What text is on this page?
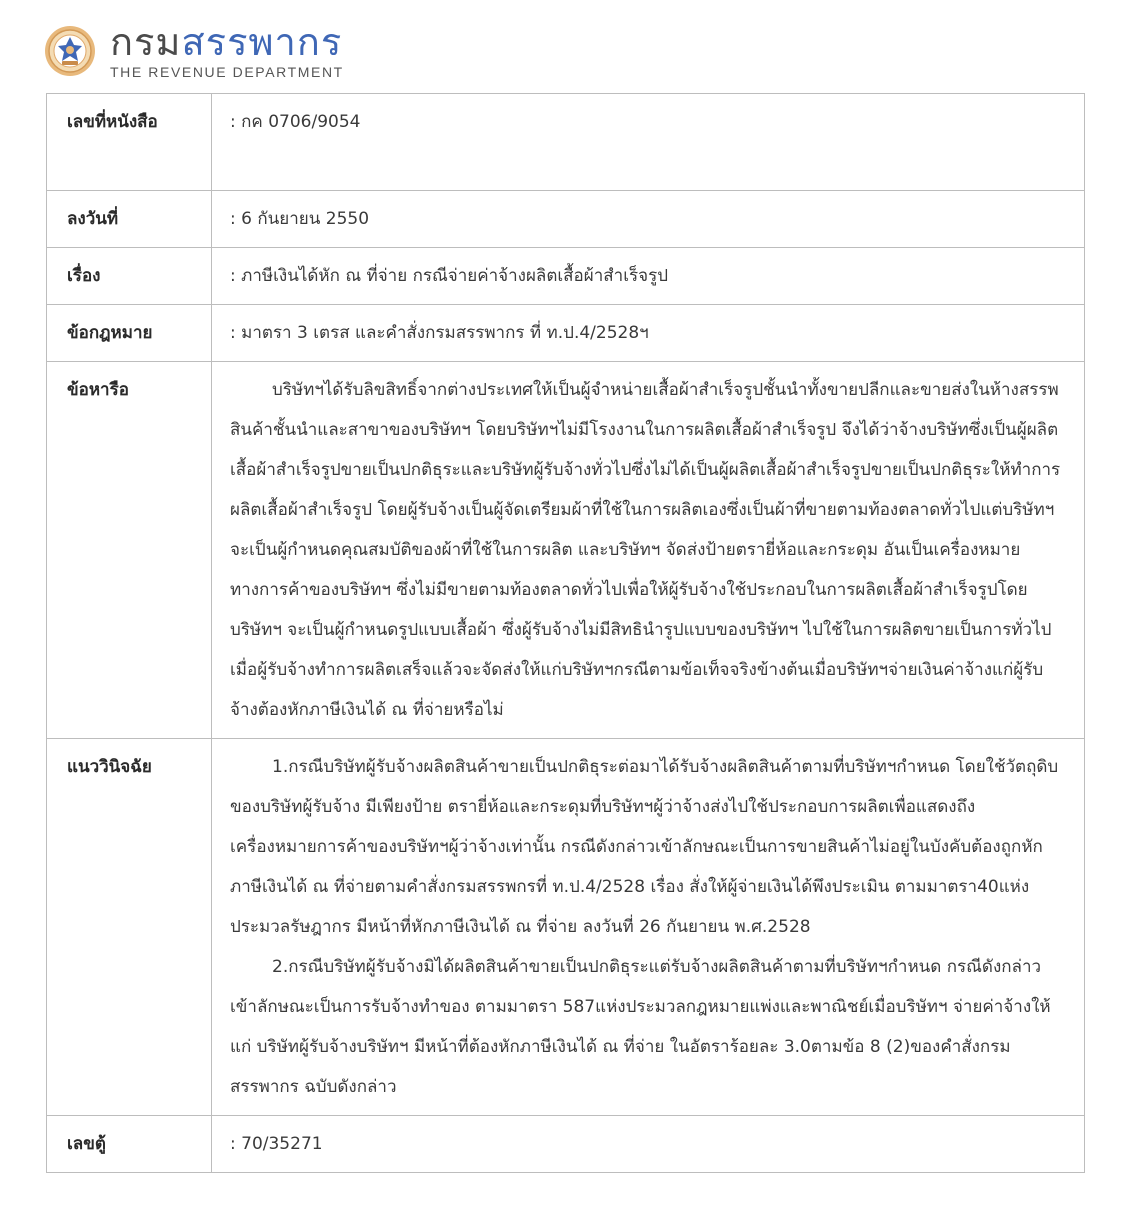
กรมสรรพากร
THE REVENUE DEPARTMENT
เลขที่หนังสือ	: กค 0706/9054
ลงวันที่	: 6 กันยายน 2550
เรื่อง	: ภาษีเงินได้หัก ณ ที่จ่าย กรณีจ่ายค่าจ้างผลิตเสื้อผ้าสำเร็จรูป
ข้อกฎหมาย	: มาตรา 3 เตรส และคำสั่งกรมสรรพากร ที่ ท.ป.4/2528ฯ
ข้อหารือ	บริษัทฯได้รับลิขสิทธิ์จากต่างประเทศให้เป็นผู้จำหน่ายเสื้อผ้าสำเร็จรูปชั้นนำทั้งขายปลีกและขายส่งในห้างสรรพสินค้าชั้นนำและสาขาของบริษัทฯ โดยบริษัทฯไม่มีโรงงานในการผลิตเสื้อผ้าสำเร็จรูป จึงได้ว่าจ้างบริษัทซึ่งเป็นผู้ผลิตเสื้อผ้าสำเร็จรูปขายเป็นปกติธุระและบริษัทผู้รับจ้างทั่วไปซึ่งไม่ได้เป็นผู้ผลิตเสื้อผ้าสำเร็จรูปขายเป็นปกติธุระให้ทำการผลิตเสื้อผ้าสำเร็จรูป โดยผู้รับจ้างเป็นผู้จัดเตรียมผ้าที่ใช้ในการผลิตเองซึ่งเป็นผ้าที่ขายตามท้องตลาดทั่วไปแต่บริษัทฯ จะเป็นผู้กำหนดคุณสมบัติของผ้าที่ใช้ในการผลิต และบริษัทฯ จัดส่งป้ายตรายี่ห้อและกระดุม อันเป็นเครื่องหมาย ทางการค้าของบริษัทฯ ซึ่งไม่มีขายตามท้องตลาดทั่วไปเพื่อให้ผู้รับจ้างใช้ประกอบในการผลิตเสื้อผ้าสำเร็จรูปโดยบริษัทฯ จะเป็นผู้กำหนดรูปแบบเสื้อผ้า ซึ่งผู้รับจ้างไม่มีสิทธินำรูปแบบของบริษัทฯ ไปใช้ในการผลิตขายเป็นการทั่วไปเมื่อผู้รับจ้างทำการผลิตเสร็จแล้วจะจัดส่งให้แก่บริษัทฯกรณีตามข้อเท็จจริงข้างต้นเมื่อบริษัทฯจ่ายเงินค่าจ้างแก่ผู้รับจ้างต้องหักภาษีเงินได้ ณ ที่จ่ายหรือไม่

แนววินิจฉัย	1.กรณีบริษัทผู้รับจ้างผลิตสินค้าขายเป็นปกติธุระต่อมาได้รับจ้างผลิตสินค้าตามที่บริษัทฯกำหนด โดยใช้วัตถุดิบของบริษัทผู้รับจ้าง มีเพียงป้าย ตรายี่ห้อและกระดุมที่บริษัทฯผู้ว่าจ้างส่งไปใช้ประกอบการผลิตเพื่อแสดงถึงเครื่องหมายการค้าของบริษัทฯผู้ว่าจ้างเท่านั้น กรณีดังกล่าวเข้าลักษณะเป็นการขายสินค้าไม่อยู่ในบังคับต้องถูกหักภาษีเงินได้ ณ ที่จ่ายตามคำสั่งกรมสรรพกรที่ ท.ป.4/2528 เรื่อง สั่งให้ผู้จ่ายเงินได้พึงประเมิน ตามมาตรา40แห่งประมวลรัษฎากร มีหน้าที่หักภาษีเงินได้ ณ ที่จ่าย ลงวันที่ 26 กันยายน พ.ศ.2528

2.กรณีบริษัทผู้รับจ้างมิได้ผลิตสินค้าขายเป็นปกติธุระแต่รับจ้างผลิตสินค้าตามที่บริษัทฯกำหนด กรณีดังกล่าวเข้าลักษณะเป็นการรับจ้างทำของ ตามมาตรา 587แห่งประมวลกฎหมายแพ่งและพาณิชย์เมื่อบริษัทฯ จ่ายค่าจ้างให้แก่ บริษัทผู้รับจ้างบริษัทฯ มีหน้าที่ต้องหักภาษีเงินได้ ณ ที่จ่าย ในอัตราร้อยละ 3.0ตามข้อ 8 (2)ของคำสั่งกรมสรรพากร ฉบับดังกล่าว

เลขตู้	: 70/35271
